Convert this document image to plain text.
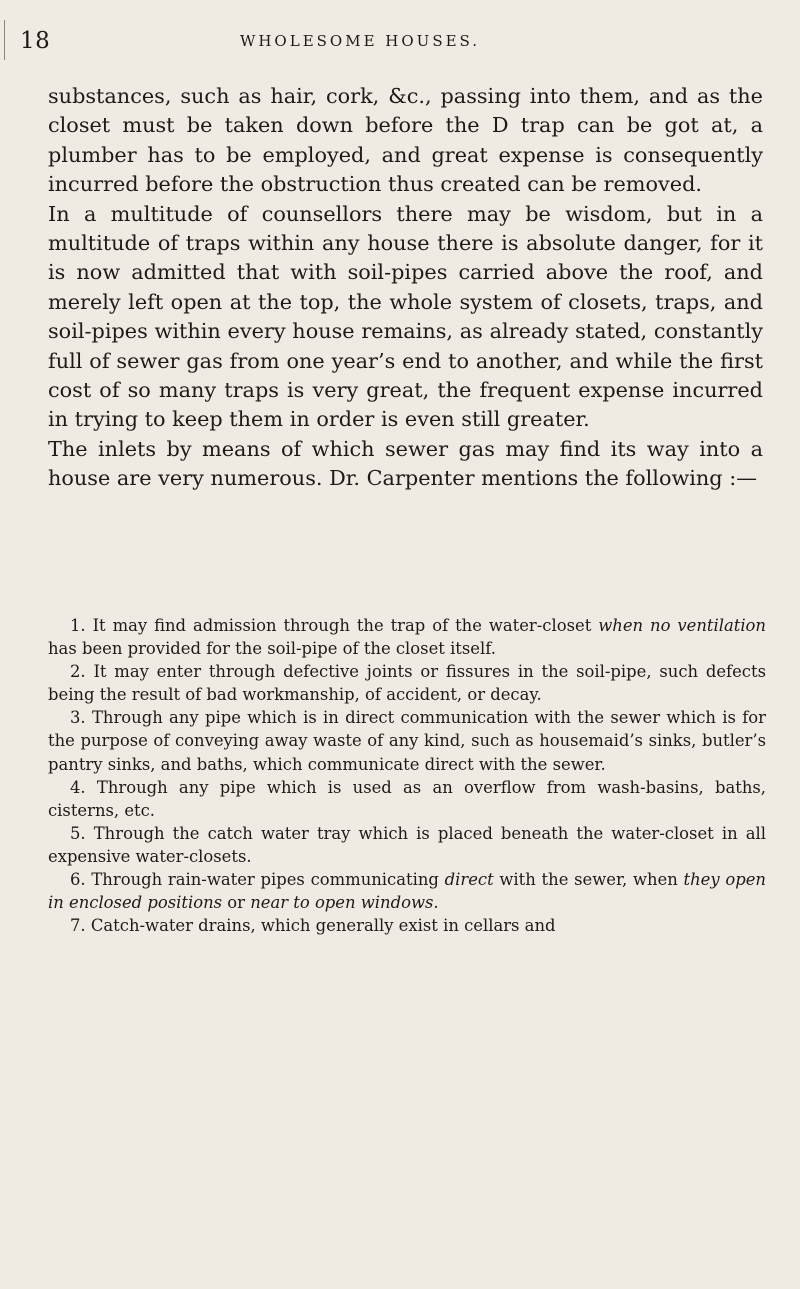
18	WHOLESOME HOUSES.

substances, such as hair, cork, &c., passing into them, and as the closet must be taken down before the D trap can be got at, a plumber has to be employed, and great expense is consequently incurred before the obstruction thus created can be removed.

In a multitude of counsellors there may be wisdom, but in a multitude of traps within any house there is absolute danger, for it is now admitted that with soil-pipes carried above the roof, and merely left open at the top, the whole system of closets, traps, and soil-pipes within every house remains, as already stated, constantly full of sewer gas from one year’s end to another, and while the first cost of so many traps is very great, the frequent expense incurred in trying to keep them in order is even still greater.

The inlets by means of which sewer gas may find its way into a house are very numerous. Dr. Carpenter mentions the following :—

1. It may find admission through the trap of the water-closet when no ventilation has been provided for the soil-pipe of the closet itself.

2. It may enter through defective joints or fissures in the soil-pipe, such defects being the result of bad workmanship, of accident, or decay.

3. Through any pipe which is in direct communication with the sewer which is for the purpose of conveying away waste of any kind, such as housemaid’s sinks, butler’s pantry sinks, and baths, which communicate direct with the sewer.

4. Through any pipe which is used as an overflow from wash-basins, baths, cisterns, etc.

5. Through the catch water tray which is placed beneath the water-closet in all expensive water-closets.

6. Through rain-water pipes communicating direct with the sewer, when they open in enclosed positions or near to open windows.

7. Catch-water drains, which generally exist in cellars and
